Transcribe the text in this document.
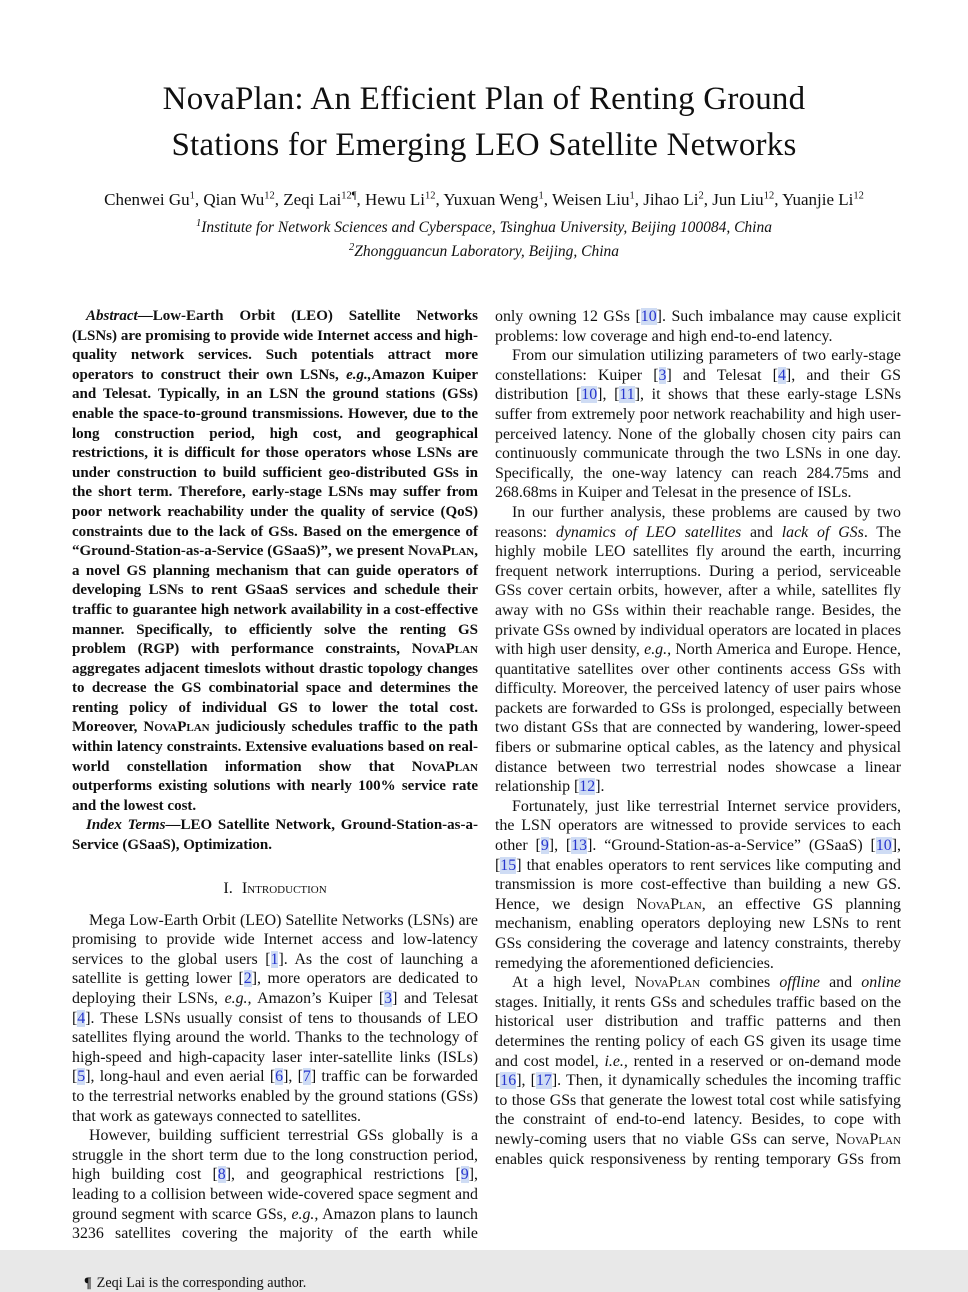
NovaPlan: An Efficient Plan of Renting Ground
Stations for Emerging LEO Satellite Networks
Chenwei Gu$^1$, Qian Wu$^{12}$, Zeqi Lai$^{12\P}$, Hewu Li$^{12}$, Yuxuan Weng$^1$, Weisen Liu$^1$, Jihao Li$^2$, Jun Liu$^{12}$, Yuanjie Li$^{12}$
$^1$Institute for Network Sciences and Cyberspace, Tsinghua University, Beijing 100084, China
$^2$Zhongguancun Laboratory, Beijing, China

Abstract—Low-Earth Orbit (LEO) Satellite Networks (LSNs) are promising to provide wide Internet access and high-quality network services. Such potentials attract more operators to construct their own LSNs, e.g.,Amazon Kuiper and Telesat. Typically, in an LSN the ground stations (GSs) enable the space-to-ground transmissions. However, due to the long construction period, high cost, and geographical restrictions, it is difficult for those operators whose LSNs are under construction to build sufficient geo-distributed GSs in the short term. Therefore, early-stage LSNs may suffer from poor network reachability under the quality of service (QoS) constraints due to the lack of GSs. Based on the emergence of “Ground-Station-as-a-Service (GSaaS)”, we present NovaPlan, a novel GS planning mechanism that can guide operators of developing LSNs to rent GSaaS services and schedule their traffic to guarantee high network availability in a cost-effective manner. Specifically, to efficiently solve the renting GS problem (RGP) with performance constraints, NovaPlan aggregates adjacent timeslots without drastic topology changes to decrease the GS combinatorial space and determines the renting policy of individual GS to lower the total cost. Moreover, NovaPlan judiciously schedules traffic to the path within latency constraints. Extensive evaluations based on real-world constellation information show that NovaPlan outperforms existing solutions with nearly 100% service rate and the lowest cost.

Index Terms—LEO Satellite Network, Ground-Station-as-a-Service (GSaaS), Optimization.

I. Introduction

Mega Low-Earth Orbit (LEO) Satellite Networks (LSNs) are promising to provide wide Internet access and low-latency services to the global users [1]. As the cost of launching a satellite is getting lower [2], more operators are dedicated to deploying their LSNs, e.g., Amazon’s Kuiper [3] and Telesat [4]. These LSNs usually consist of tens to thousands of LEO satellites flying around the world. Thanks to the technology of high-speed and high-capacity laser inter-satellite links (ISLs) [5], long-haul and even aerial [6], [7] traffic can be forwarded to the terrestrial networks enabled by the ground stations (GSs) that work as gateways connected to satellites.

However, building sufficient terrestrial GSs globally is a struggle in the short term due to the long construction period, high building cost [8], and geographical restrictions [9], leading to a collision between wide-covered space segment and ground segment with scarce GSs, e.g., Amazon plans to launch 3236 satellites covering the majority of the earth while

¶ Zeqi Lai is the corresponding author.

only owning 12 GSs [10]. Such imbalance may cause explicit problems: low coverage and high end-to-end latency.

From our simulation utilizing parameters of two early-stage constellations: Kuiper [3] and Telesat [4], and their GS distribution [10], [11], it shows that these early-stage LSNs suffer from extremely poor network reachability and high user-perceived latency. None of the globally chosen city pairs can continuously communicate through the two LSNs in one day. Specifically, the one-way latency can reach 284.75ms and 268.68ms in Kuiper and Telesat in the presence of ISLs.

In our further analysis, these problems are caused by two reasons: dynamics of LEO satellites and lack of GSs. The highly mobile LEO satellites fly around the earth, incurring frequent network interruptions. During a period, serviceable GSs cover certain orbits, however, after a while, satellites fly away with no GSs within their reachable range. Besides, the private GSs owned by individual operators are located in places with high user density, e.g., North America and Europe. Hence, quantitative satellites over other continents access GSs with difficulty. Moreover, the perceived latency of user pairs whose packets are forwarded to GSs is prolonged, especially between two distant GSs that are connected by wandering, lower-speed fibers or submarine optical cables, as the latency and physical distance between two terrestrial nodes showcase a linear relationship [12].

Fortunately, just like terrestrial Internet service providers, the LSN operators are witnessed to provide services to each other [9], [13]. “Ground-Station-as-a-Service” (GSaaS) [10], [15] that enables operators to rent services like computing and transmission is more cost-effective than building a new GS. Hence, we design NovaPlan, an effective GS planning mechanism, enabling operators deploying new LSNs to rent GSs considering the coverage and latency constraints, thereby remedying the aforementioned deficiencies.

At a high level, NovaPlan combines offline and online stages. Initially, it rents GSs and schedules traffic based on the historical user distribution and traffic patterns and then determines the renting policy of each GS given its usage time and cost model, i.e., rented in a reserved or on-demand mode [16], [17]. Then, it dynamically schedules the incoming traffic to those GSs that generate the lowest total cost while satisfying the constraint of end-to-end latency. Besides, to cope with newly-coming users that no viable GSs can serve, NovaPlan enables quick responsiveness by renting temporary GSs from
